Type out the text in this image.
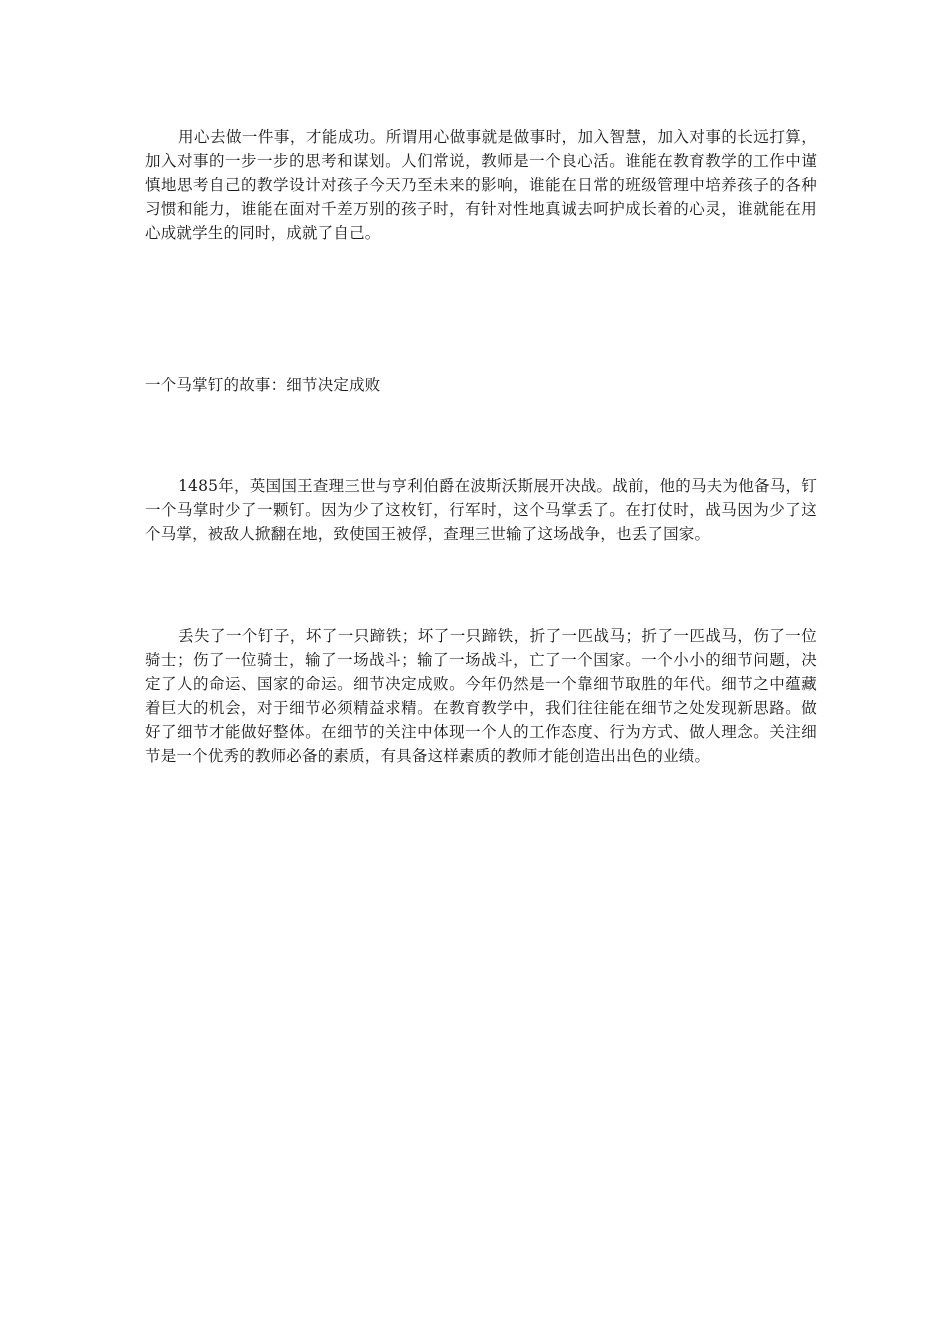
用心去做一件事，才能成功。所谓用心做事就是做事时，加入智慧，加入对事的长远打算，加入对事的一步一步的思考和谋划。人们常说，教师是一个良心活。谁能在教育教学的工作中谨慎地思考自己的教学设计对孩子今天乃至未来的影响，谁能在日常的班级管理中培养孩子的各种习惯和能力，谁能在面对千差万别的孩子时，有针对性地真诚去呵护成长着的心灵，谁就能在用心成就学生的同时，成就了自己。

一个马掌钉的故事：细节决定成败

1485年，英国国王查理三世与亨利伯爵在波斯沃斯展开决战。战前，他的马夫为他备马，钉一个马掌时少了一颗钉。因为少了这枚钉，行军时，这个马掌丢了。在打仗时，战马因为少了这个马掌，被敌人掀翻在地，致使国王被俘，查理三世输了这场战争，也丢了国家。

丢失了一个钉子，坏了一只蹄铁；坏了一只蹄铁，折了一匹战马；折了一匹战马，伤了一位骑士；伤了一位骑士，输了一场战斗；输了一场战斗，亡了一个国家。一个小小的细节问题，决定了人的命运、国家的命运。细节决定成败。今年仍然是一个靠细节取胜的年代。细节之中蕴藏着巨大的机会，对于细节必须精益求精。在教育教学中，我们往往能在细节之处发现新思路。做好了细节才能做好整体。在细节的关注中体现一个人的工作态度、行为方式、做人理念。关注细节是一个优秀的教师必备的素质，有具备这样素质的教师才能创造出出色的业绩。
